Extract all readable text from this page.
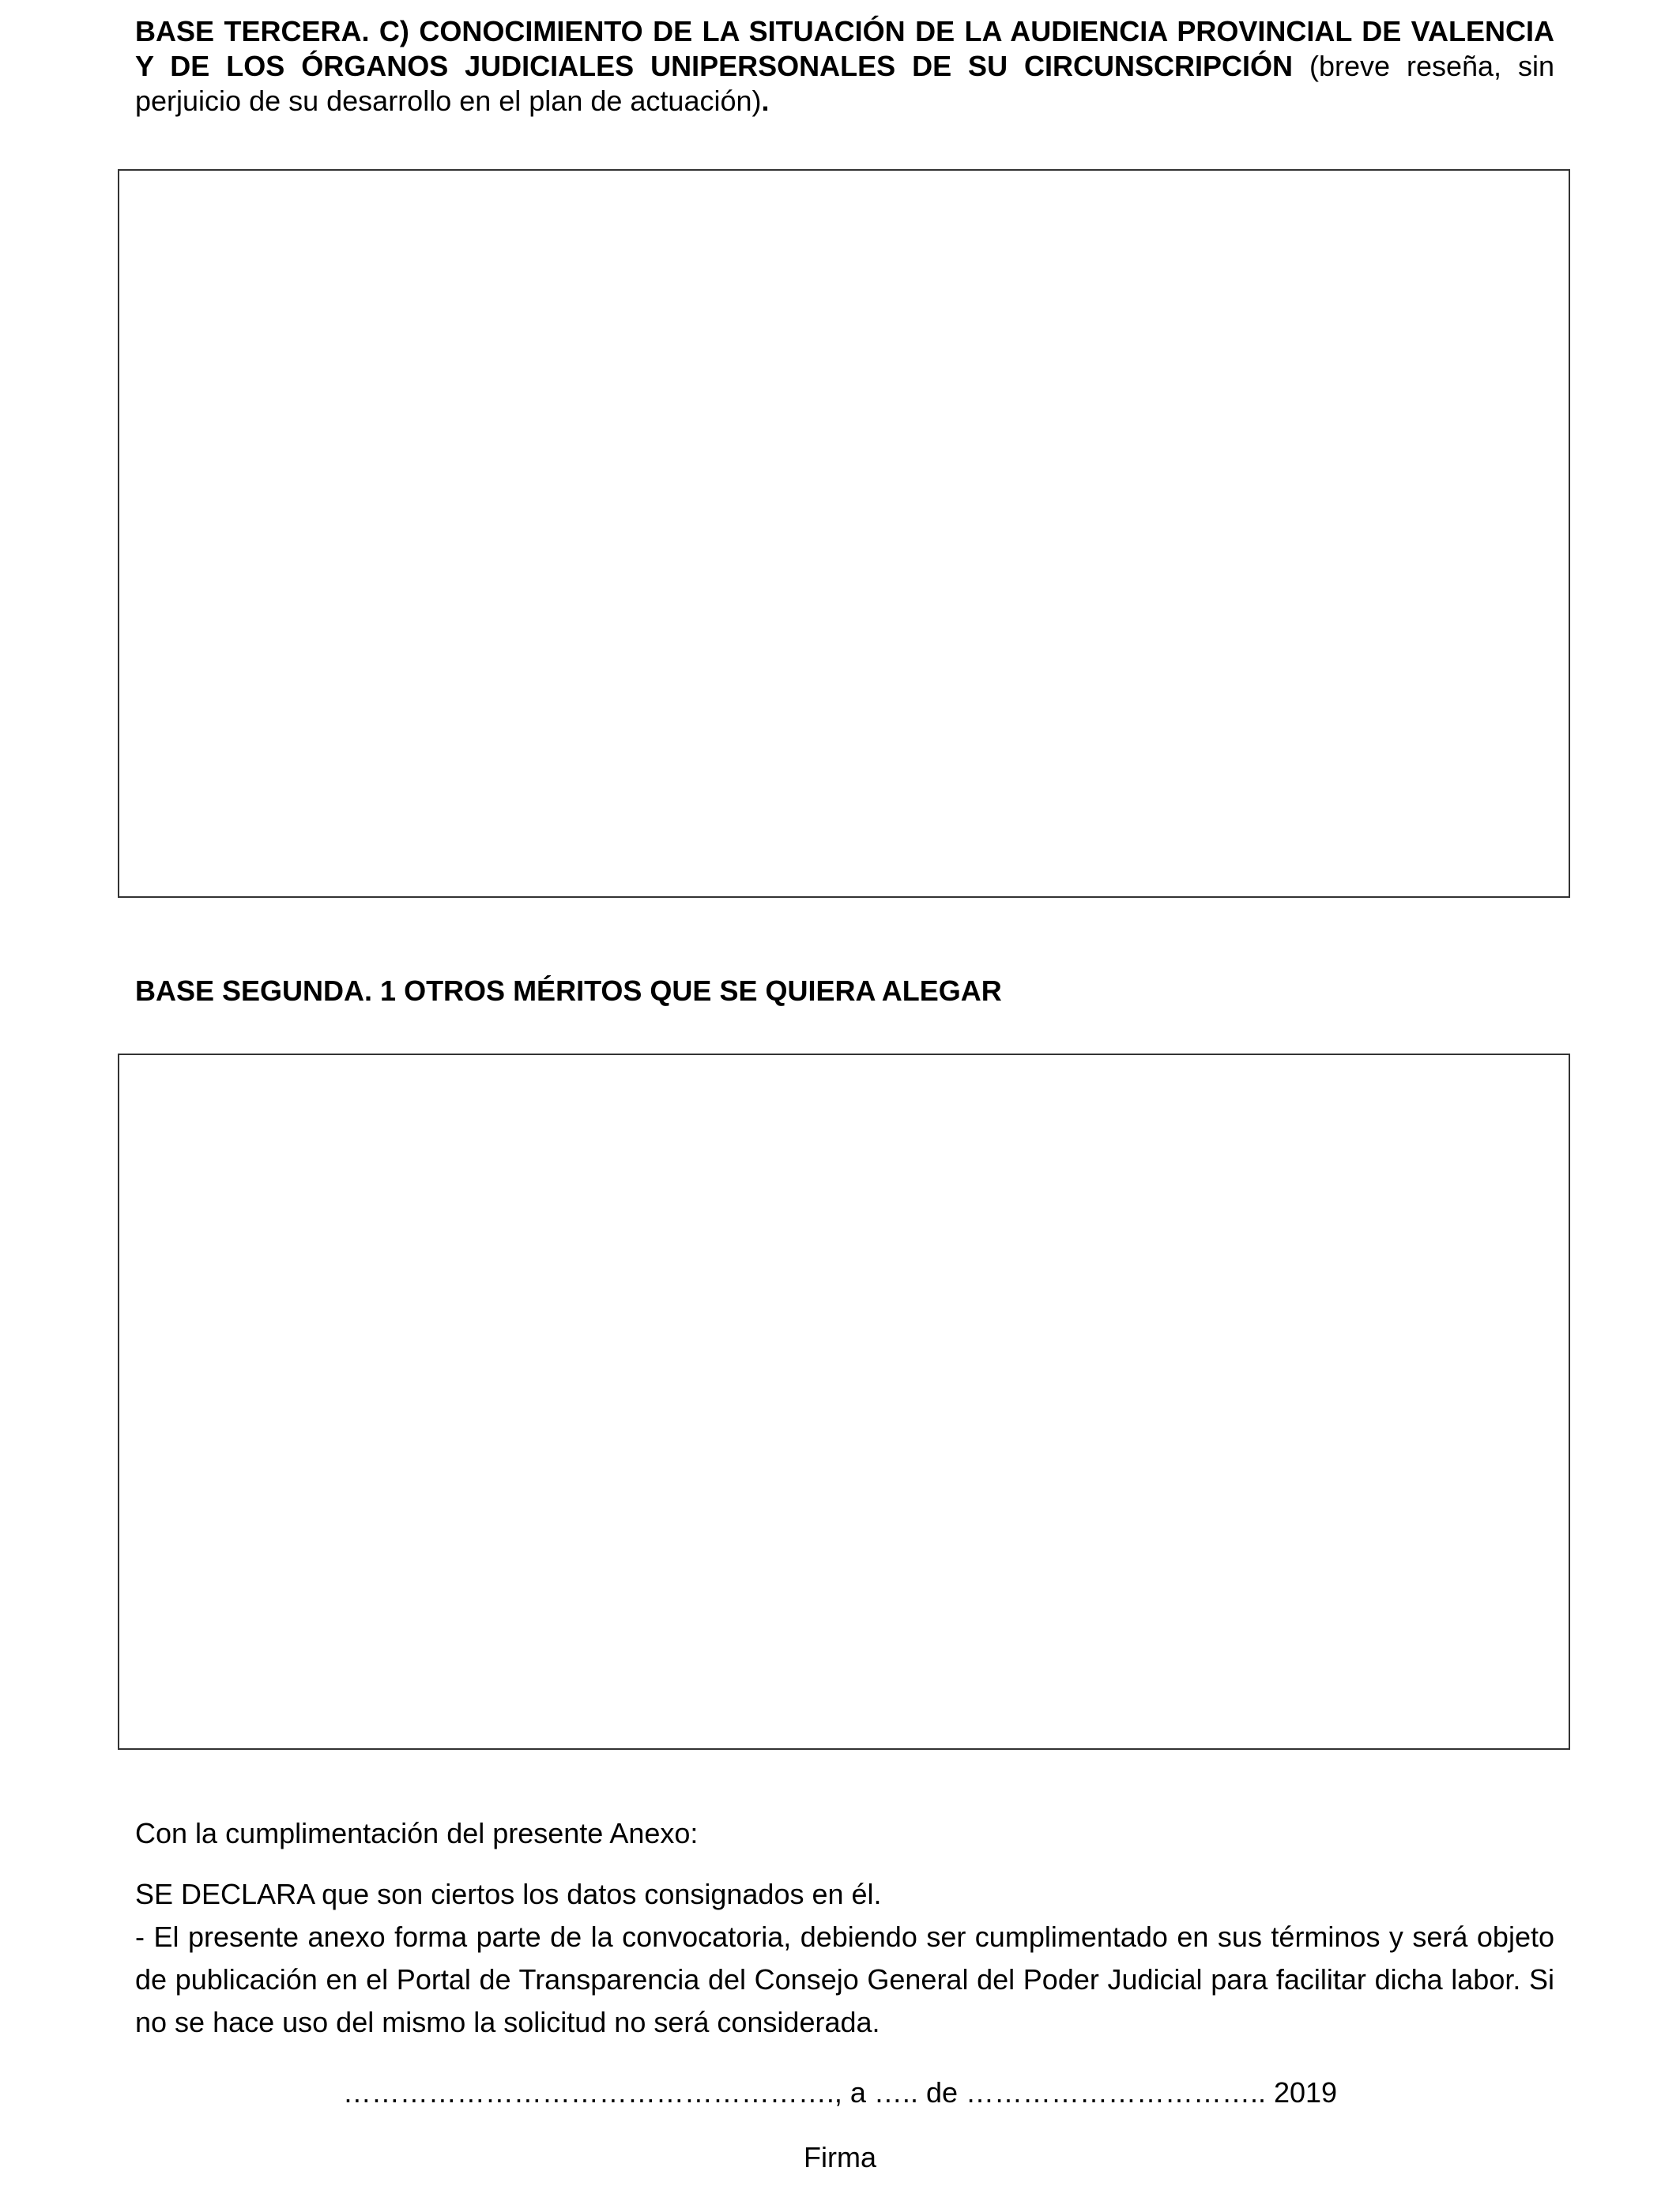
BASE TERCERA. C) CONOCIMIENTO DE LA SITUACIÓN DE LA AUDIENCIA PROVINCIAL DE VALENCIA Y DE LOS ÓRGANOS JUDICIALES UNIPERSONALES DE SU CIRCUNSCRIPCIÓN (breve reseña, sin perjuicio de su desarrollo en el plan de actuación).

BASE SEGUNDA. 1 OTROS MÉRITOS QUE SE QUIERA ALEGAR

Con la cumplimentación del presente Anexo:

SE DECLARA que son ciertos los datos consignados en él.

- El presente anexo forma parte de la convocatoria, debiendo ser cumplimentado en sus términos y será objeto de publicación en el Portal de Transparencia del Consejo General del Poder Judicial para facilitar dicha labor. Si no se hace uso del mismo la solicitud no será considerada.

……………………………………………., a ….. de ………………………….. 2019
Firma
